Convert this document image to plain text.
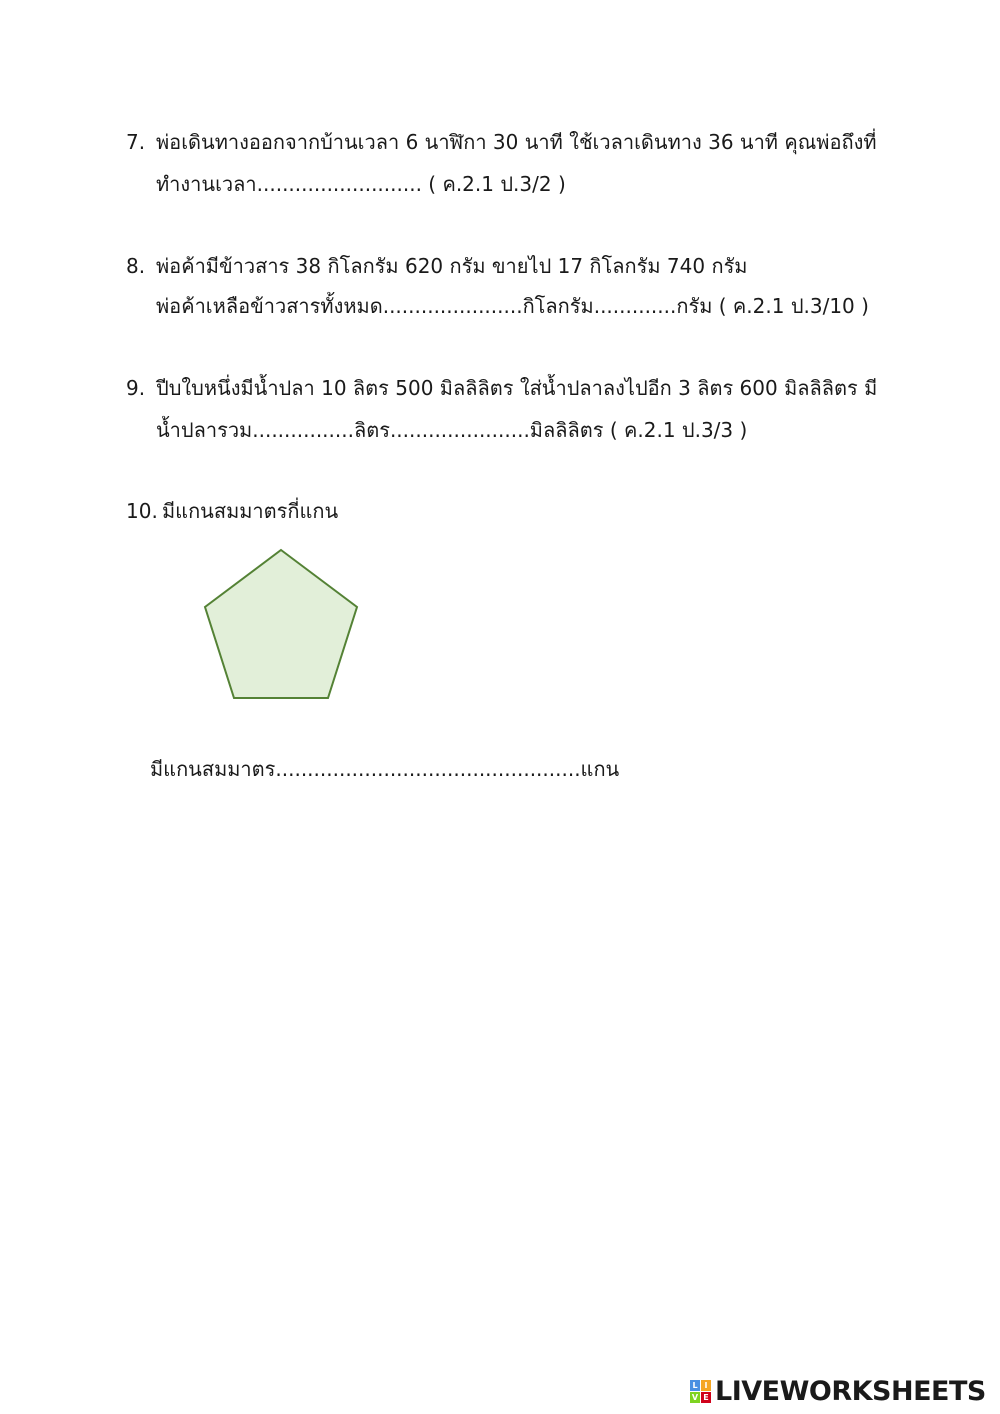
7. พ่อเดินทางออกจากบ้านเวลา 6 นาฬิกา 30 นาที ใช้เวลาเดินทาง 36 นาที คุณพ่อถึงที่
ทำงานเวลา.......................... ( ค.2.1 ป.3/2 )
8. พ่อค้ามีข้าวสาร 38 กิโลกรัม 620 กรัม ขายไป 17 กิโลกรัม 740 กรัม
พ่อค้าเหลือข้าวสารทั้งหมด......................กิโลกรัม.............กรัม ( ค.2.1 ป.3/10 )
9. ปีบใบหนึ่งมีน้ำปลา 10 ลิตร 500 มิลลิลิตร ใส่น้ำปลาลงไปอีก 3 ลิตร 600 มิลลิลิตร มี
น้ำปลารวม................ลิตร......................มิลลิลิตร ( ค.2.1 ป.3/3 )
10. มีแกนสมมาตรกี่แกน
มีแกนสมมาตร................................................แกน
L I
V E LIVEWORKSHEETS
